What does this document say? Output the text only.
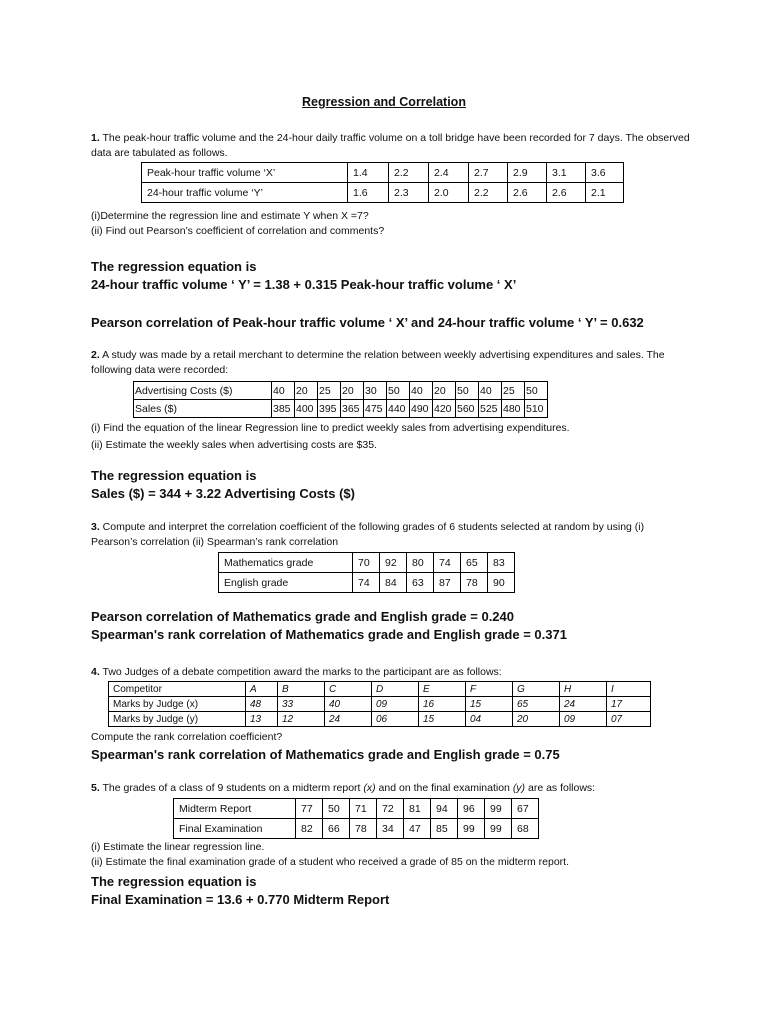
Regression and Correlation

1. The peak-hour traffic volume and the 24-hour daily traffic volume on a toll bridge have been recorded for 7 days. The observed data are tabulated as follows.

Peak-hour traffic volume ‘X’	1.4	2.2	2.4	2.7	2.9	3.1	3.6
24-hour traffic volume ‘Y’	1.6	2.3	2.0	2.2	2.6	2.6	2.1

(i)Determine the regression line and estimate Y when X =7?

(ii) Find out Pearson’s coefficient of correlation and comments?

The regression equation is

24-hour traffic volume ‘ Y’ = 1.38 + 0.315 Peak-hour traffic volume ‘ X’

Pearson correlation of Peak-hour traffic volume ‘ X’ and 24-hour traffic volume ‘ Y’ = 0.632

2. A study was made by a retail merchant to determine the relation between weekly advertising expenditures and sales. The following data were recorded:

Advertising Costs ($)	40	20	25	20	30	50	40	20	50	40	25	50
Sales ($)	385	400	395	365	475	440	490	420	560	525	480	510

(i) Find the equation of the linear Regression line to predict weekly sales from advertising expenditures.

(ii) Estimate the weekly sales when advertising costs are $35.

The regression equation is

Sales ($) = 344 + 3.22 Advertising Costs ($)

3. Compute and interpret the correlation coefficient of the following grades of 6 students selected at random by using (i) Pearson’s correlation (ii) Spearman’s rank correlation

Mathematics grade	70	92	80	74	65	83
English grade	74	84	63	87	78	90

Pearson correlation of Mathematics grade and English grade = 0.240

Spearman's rank correlation of Mathematics grade and English grade = 0.371

4. Two Judges of a debate competition award the marks to the participant are as follows:

Competitor	A	B	C	D	E	F	G	H	I
Marks by Judge (x)	48	33	40	09	16	15	65	24	17
Marks by Judge (y)	13	12	24	06	15	04	20	09	07

Compute the rank correlation coefficient?

Spearman's rank correlation of Mathematics grade and English grade = 0.75

5. The grades of a class of 9 students on a midterm report (x) and on the final examination (y) are as follows:

Midterm Report	77	50	71	72	81	94	96	99	67
Final Examination	82	66	78	34	47	85	99	99	68

(i) Estimate the linear regression line.

(ii) Estimate the final examination grade of a student who received a grade of 85 on the midterm report.

The regression equation is

Final Examination = 13.6 + 0.770 Midterm Report
